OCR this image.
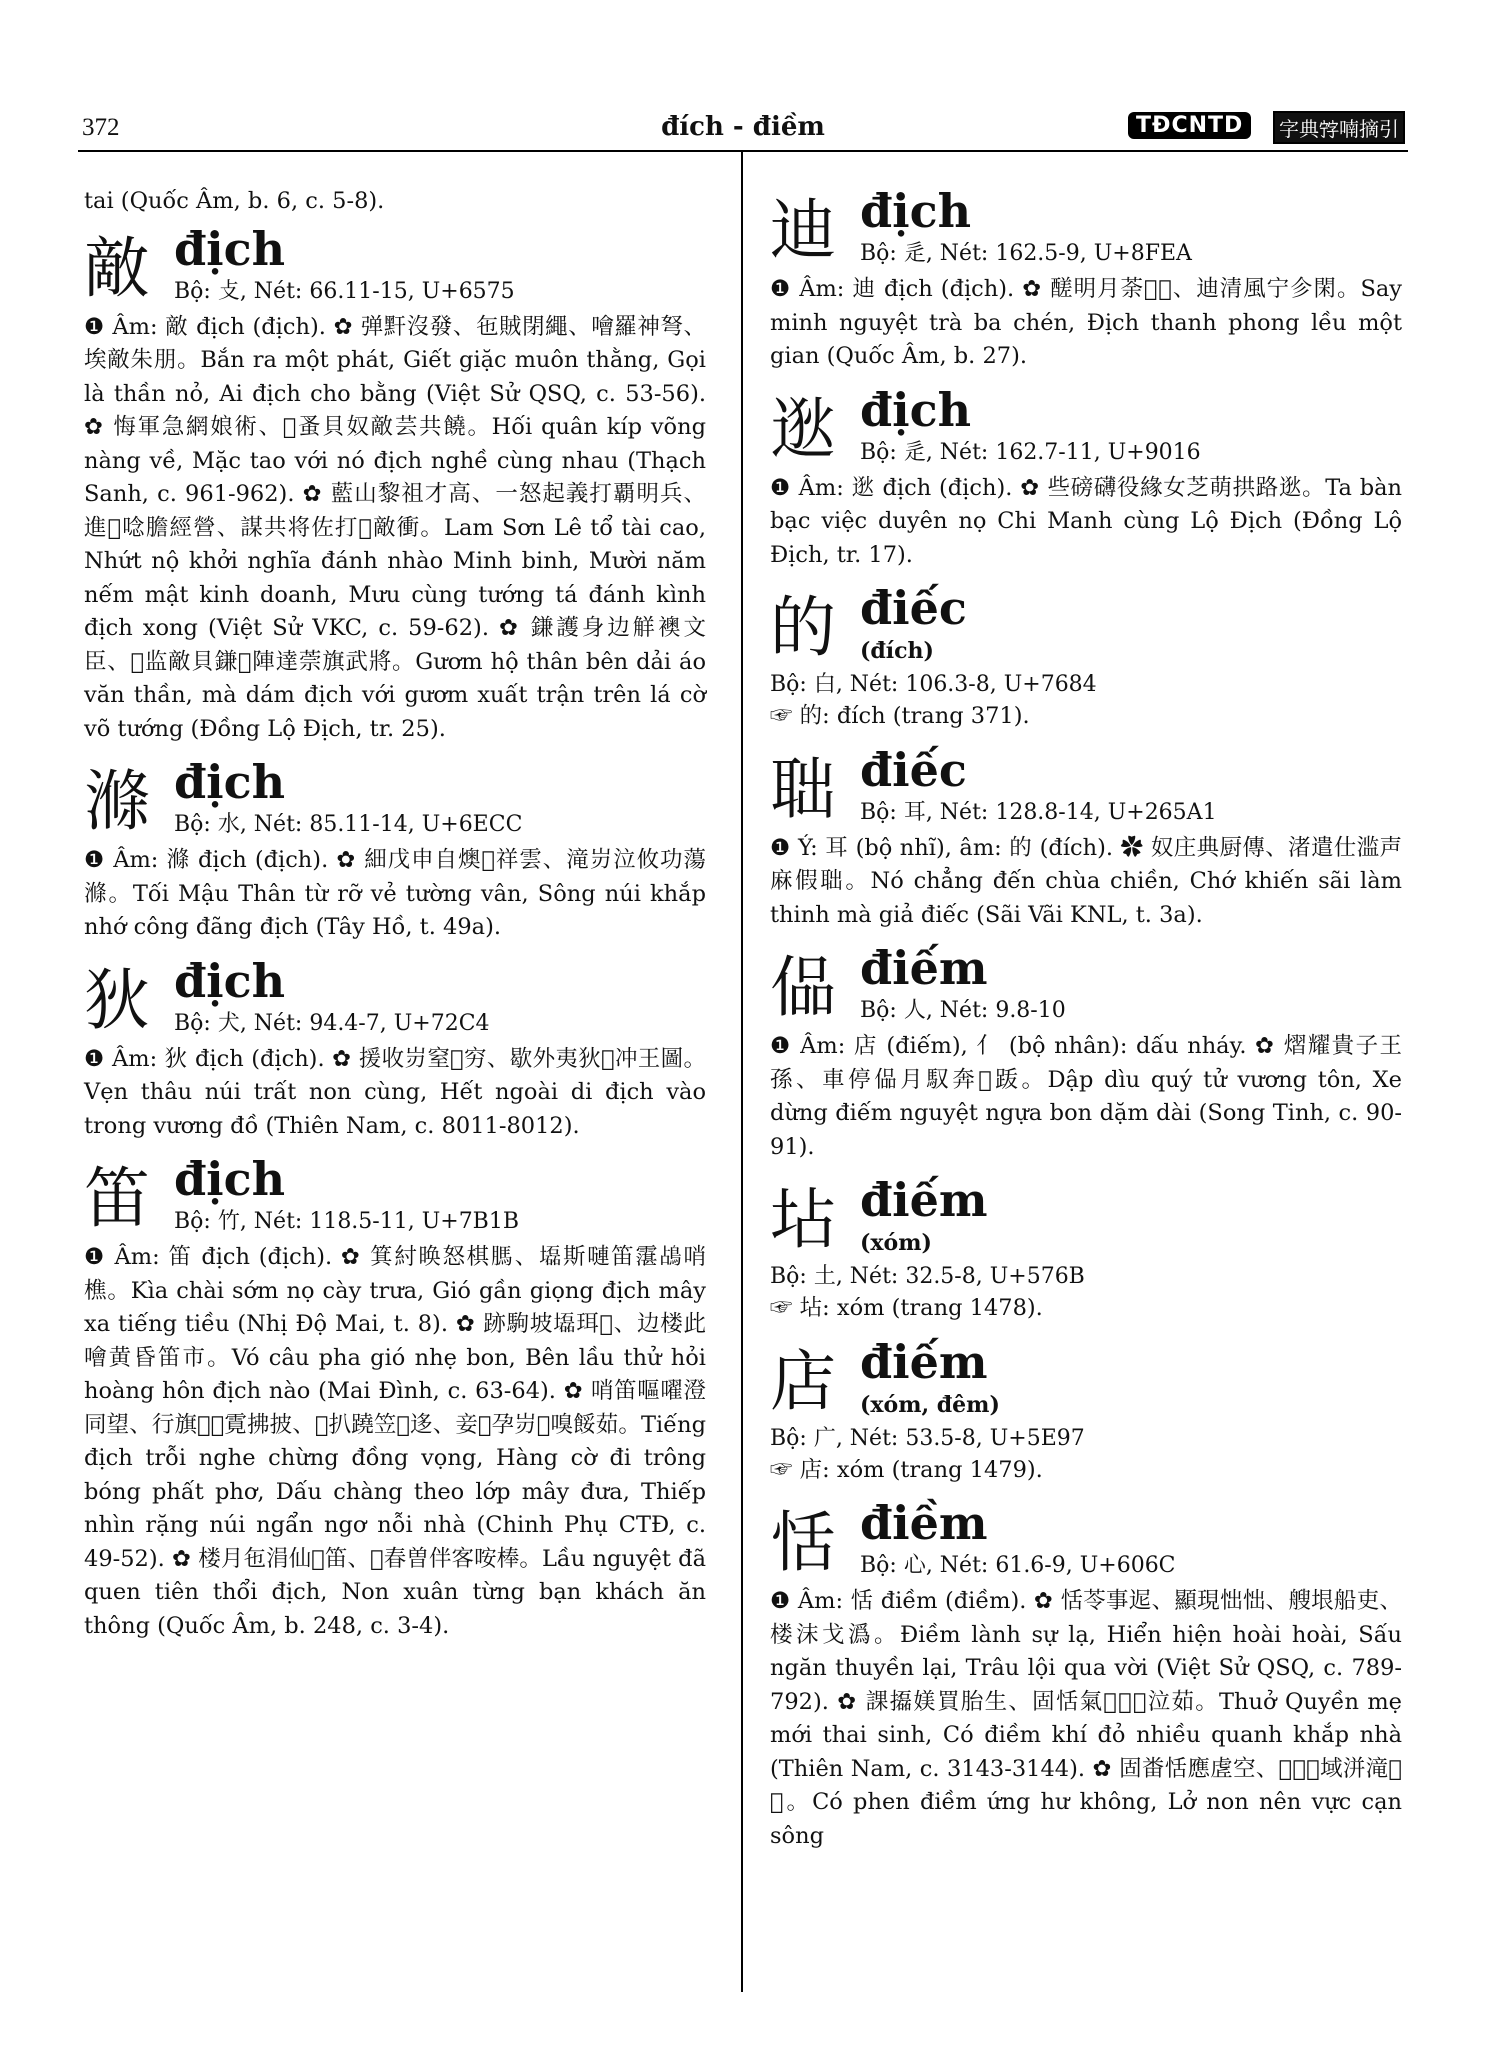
372	đích - điềm	TĐCNTD	字典𡨸喃摘引
tai (Quốc Âm, b. 6, c. 5-8).
敵 địch
Bộ: 攴, Nét: 66.11-15, U+6575
❶ Âm: 敵 địch (địch). ✿ 弹䵟沒發、㐌賊閉繩、噲羅神弩、埃敵朱朋。Bắn ra một phát, Giết giặc muôn thằng, Gọi là thần nỏ, Ai địch cho bằng (Việt Sử QSQ, c. 53-56). ✿ 悔軍急網娘術、𣎃蚤貝奴敵芸共饒。Hối quân kíp võng nàng về, Mặc tao với nó địch nghề cùng nhau (Thạch Sanh, c. 961-962). ✿ 藍山黎祖才高、一怒起義打覇明兵、進𢆥唸膽經營、謀共将佐打𠊚敵衝。Lam Sơn Lê tổ tài cao, Nhứt nộ khởi nghĩa đánh nhào Minh binh, Mười năm nếm mật kinh doanh, Mưu cùng tướng tá đánh kình địch xong (Việt Sử VKC, c. 59-62). ✿ 鎌護身边觧襖文臣、𢜠监敵貝鎌𡧲陣達萗旗武將。Gươm hộ thân bên dải áo văn thần, mà dám địch với gươm xuất trận trên lá cờ võ tướng (Đồng Lộ Địch, tr. 25).
滌 địch
Bộ: 水, Nét: 85.11-14, U+6ECC
❶ Âm: 滌 địch (địch). ✿ 細戊申自燠𡗶祥雲、滝岃泣攸功蕩滌。Tối Mậu Thân từ rỡ vẻ tường vân, Sông núi khắp nhớ công đãng địch (Tây Hồ, t. 49a).
狄 địch
Bộ: 犬, Nét: 94.4-7, U+72C4
❶ Âm: 狄 địch (địch). ✿ 援收岃窒𡽫穷、歇外夷狄𠓨冲王圖。Vẹn thâu núi trất non cùng, Hết ngoài di địch vào trong vương đồ (Thiên Nam, c. 8011-8012).
笛 địch
Bộ: 竹, Nét: 118.5-11, U+7B1B
❶ Âm: 笛 địch (địch). ✿ 箕紂㬇怒棋𦟐、𡓃斯嗹笛霮𪀄哨樵。Kìa chài sớm nọ cày trưa, Gió gần giọng địch mây xa tiếng tiều (Nhị Độ Mai, t. 8). ✿ 跡駒坡𡓃珥𨀈、边楼此噲黄昏笛市。Vó câu pha gió nhẹ bon, Bên lầu thử hỏi hoàng hôn địch nào (Mai Đình, c. 63-64). ✿ 哨笛嘔嚁澄同望、行旗𢯏𩄲䨘拂披、𨀈扒蹺笠𩄲迻、妾𥘷孕岃𠿿嗅餒茹。Tiếng địch trỗi nghe chừng đồng vọng, Hàng cờ đi trông bóng phất phơ, Dấu chàng theo lớp mây đưa, Thiếp nhìn rặng núi ngẩn ngơ nỗi nhà (Chinh Phụ CTĐ, c. 49-52). ✿ 楼月㐌涓仙𠶀笛、𡽫春曽伴客咹棒。Lầu nguyệt đã quen tiên thổi địch, Non xuân từng bạn khách ăn thông (Quốc Âm, b. 248, c. 3-4).
迪 địch
Bộ: 辵, Nét: 162.5-9, U+8FEA
❶ Âm: 迪 địch (địch). ✿ 醝明月荼𢀭𨎠、迪清風宁㐱閑。Say minh nguyệt trà ba chén, Địch thanh phong lều một gian (Quốc Âm, b. 27).
逖 địch
Bộ: 辵, Nét: 162.7-11, U+9016
❶ Âm: 逖 địch (địch). ✿ 些磅礴役緣女芝萌拱路逖。Ta bàn bạc việc duyên nọ Chi Manh cùng Lộ Địch (Đồng Lộ Địch, tr. 17).
的 điếc
(đích)
Bộ: 白, Nét: 106.3-8, U+7684
☞ 的: đích (trang 371).
聉 điếc
Bộ: 耳, Nét: 128.8-14, U+265A1
❶ Ý: 耳 (bộ nhĩ), âm: 的 (đích). ✿ 奴庄典厨傳、渚遣仕滥声麻假聉。Nó chẳng đến chùa chiền, Chớ khiến sãi làm thinh mà giả điếc (Sãi Vãi KNL, t. 3a).
偘 điếm
Bộ: 人, Nét: 9.8-10
❶ Âm: 店 (điếm), 亻 (bộ nhân): dấu nháy. ✿ 熠耀貴子王孫、車停偘月馭奔𡏧䟦。Dập dìu quý tử vương tôn, Xe dừng điếm nguyệt ngựa bon dặm dài (Song Tinh, c. 90-91).
坫 điếm
(xóm)
Bộ: 土, Nét: 32.5-8, U+576B
☞ 坫: xóm (trang 1478).
店 điếm
(xóm, đêm)
Bộ: 广, Nét: 53.5-8, U+5E97
☞ 店: xóm (trang 1479).
恬 điềm
Bộ: 心, Nét: 61.6-9, U+606C
❶ Âm: 恬 điềm (điềm). ✿ 恬苓事迡、顯現㤕㤕、艘垠船吏、楼沫戈潙。Điềm lành sự lạ, Hiển hiện hoài hoài, Sấu ngăn thuyền lại, Trâu lội qua vời (Việt Sử QSQ, c. 789-792). ✿ 課㩡媄買胎生、固恬氣𧹻𨕭𡗶泣茹。Thuở Quyền mẹ mới thai sinh, Có điềm khí đỏ nhiều quanh khắp nhà (Thiên Nam, c. 3143-3144). ✿ 固畨恬應虗空、𡎝𡽫𣃣域洴滝𣃣𡏦。Có phen điềm ứng hư không, Lở non nên vực cạn sông
